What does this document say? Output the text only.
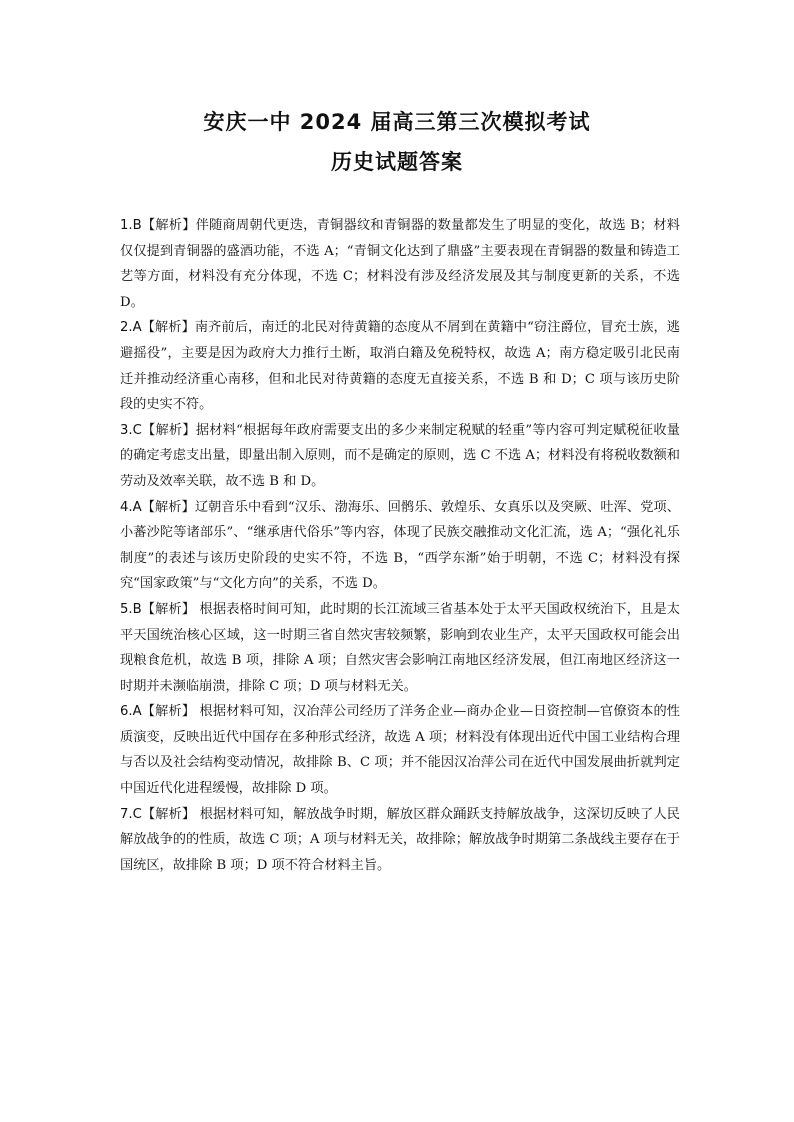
安庆一中 2024 届高三第三次模拟考试
历史试题答案

1.B【解析】伴随商周朝代更迭，青铜器纹和青铜器的数量都发生了明显的变化，故选 B；材料仅仅提到青铜器的盛酒功能，不选 A；“青铜文化达到了鼎盛”主要表现在青铜器的数量和铸造工艺等方面，材料没有充分体现，不选 C；材料没有涉及经济发展及其与制度更新的关系，不选 D。

2.A【解析】南齐前后，南迁的北民对待黄籍的态度从不屑到在黄籍中“窃注爵位，冒充士族，逃避摇役”，主要是因为政府大力推行土断，取消白籍及免税特权，故选 A；南方稳定吸引北民南迁并推动经济重心南移，但和北民对待黄籍的态度无直接关系，不选 B 和 D；C 项与该历史阶段的史实不符。

3.C【解析】据材料“根据每年政府需要支出的多少来制定税赋的轻重”等内容可判定赋税征收量的确定考虑支出量，即量出制入原则，而不是确定的原则，选 C 不选 A；材料没有将税收数额和劳动及效率关联，故不选 B 和 D。

4.A【解析】辽朝音乐中看到“汉乐、渤海乐、回鹘乐、敦煌乐、女真乐以及突厥、吐浑、党项、小蕃沙陀等诸部乐”、“继承唐代俗乐”等内容，体现了民族交融推动文化汇流，选 A；“强化礼乐制度”的表述与该历史阶段的史实不符，不选 B，“西学东渐”始于明朝，不选 C；材料没有探究“国家政策”与“文化方向”的关系，不选 D。

5.B【解析】 根据表格时间可知，此时期的长江流域三省基本处于太平天国政权统治下，且是太平天国统治核心区域，这一时期三省自然灾害较频繁，影响到农业生产，太平天国政权可能会出现粮食危机，故选 B 项，排除 A 项；自然灾害会影响江南地区经济发展，但江南地区经济这一时期并未濒临崩溃，排除 C 项；D 项与材料无关。

6.A【解析】 根据材料可知，汉冶萍公司经历了洋务企业—商办企业—日资控制—官僚资本的性质演变，反映出近代中国存在多种形式经济，故选 A 项；材料没有体现出近代中国工业结构合理与否以及社会结构变动情况，故排除 B、C 项；并不能因汉冶萍公司在近代中国发展曲折就判定中国近代化进程缓慢，故排除 D 项。

7.C【解析】 根据材料可知，解放战争时期，解放区群众踊跃支持解放战争，这深切反映了人民解放战争的的性质，故选 C 项；A 项与材料无关，故排除；解放战争时期第二条战线主要存在于国统区，故排除 B 项；D 项不符合材料主旨。
